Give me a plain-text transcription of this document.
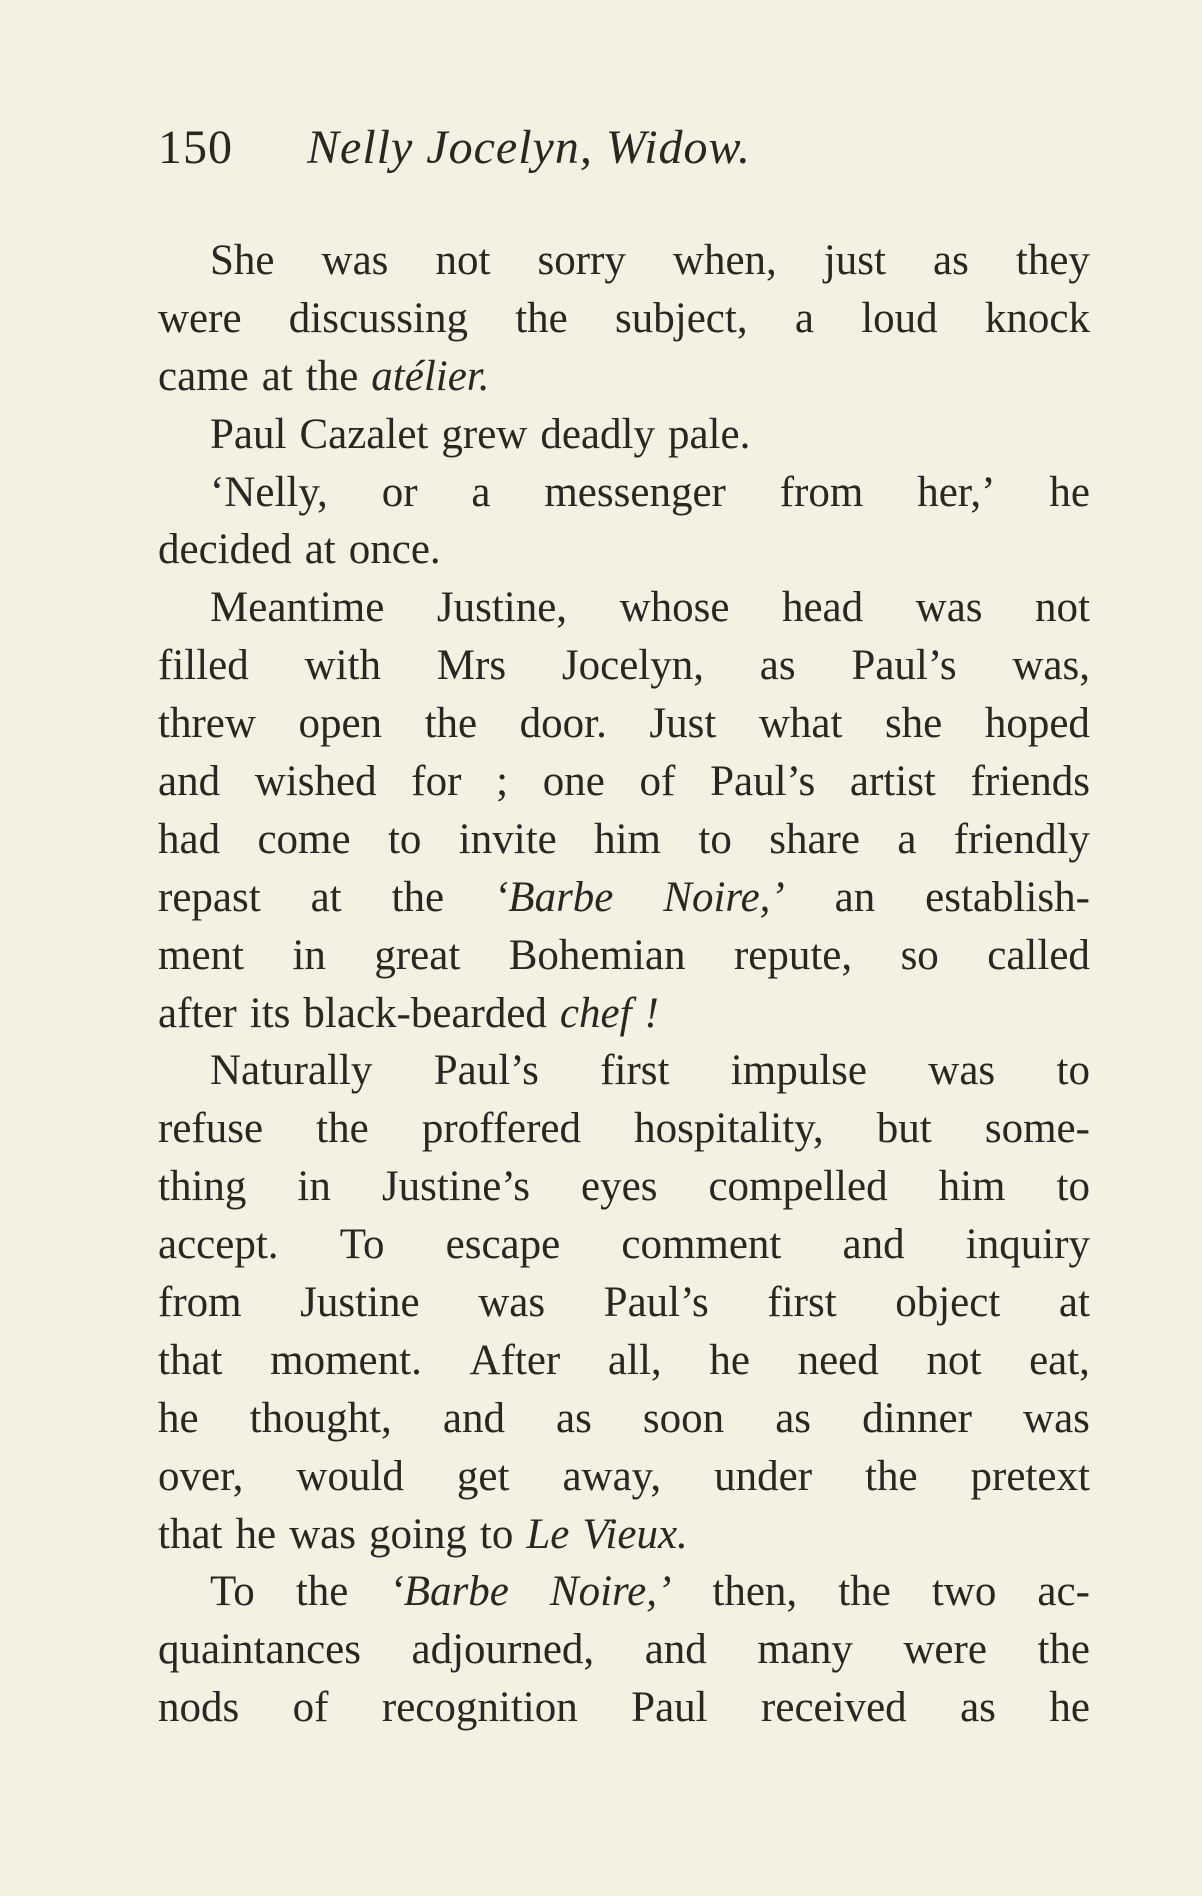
150 Nelly Jocelyn, Widow.
She was not sorry when, just as they
were discussing the subject, a loud knock
came at the atélier.
Paul Cazalet grew deadly pale.
‘Nelly, or a messenger from her,’ he
decided at once.
Meantime Justine, whose head was not
filled with Mrs Jocelyn, as Paul’s was,
threw open the door. Just what she hoped
and wished for ; one of Paul’s artist friends
had come to invite him to share a friendly
repast at the ‘Barbe Noire,’ an establish-
ment in great Bohemian repute, so called
after its black-bearded chef !
Naturally Paul’s first impulse was to
refuse the proffered hospitality, but some-
thing in Justine’s eyes compelled him to
accept. To escape comment and inquiry
from Justine was Paul’s first object at
that moment. After all, he need not eat,
he thought, and as soon as dinner was
over, would get away, under the pretext
that he was going to Le Vieux.
To the ‘Barbe Noire,’ then, the two ac-
quaintances adjourned, and many were the
nods of recognition Paul received as he
